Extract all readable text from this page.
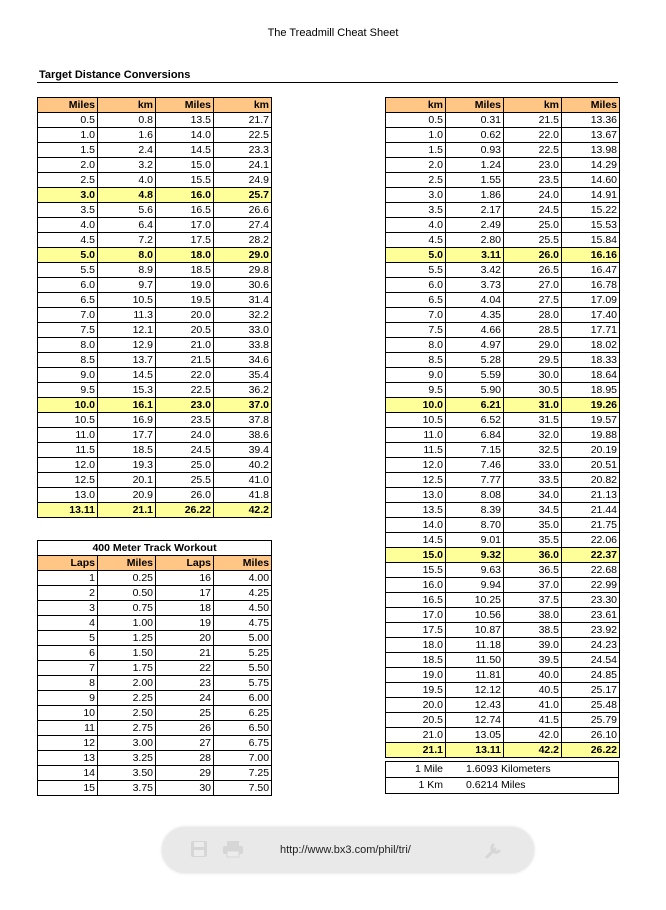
The Treadmill Cheat Sheet
Target Distance Conversions
Miles	km	Miles	km
0.5	0.8	13.5	21.7
1.0	1.6	14.0	22.5
1.5	2.4	14.5	23.3
2.0	3.2	15.0	24.1
2.5	4.0	15.5	24.9
3.0	4.8	16.0	25.7
3.5	5.6	16.5	26.6
4.0	6.4	17.0	27.4
4.5	7.2	17.5	28.2
5.0	8.0	18.0	29.0
5.5	8.9	18.5	29.8
6.0	9.7	19.0	30.6
6.5	10.5	19.5	31.4
7.0	11.3	20.0	32.2
7.5	12.1	20.5	33.0
8.0	12.9	21.0	33.8
8.5	13.7	21.5	34.6
9.0	14.5	22.0	35.4
9.5	15.3	22.5	36.2
10.0	16.1	23.0	37.0
10.5	16.9	23.5	37.8
11.0	17.7	24.0	38.6
11.5	18.5	24.5	39.4
12.0	19.3	25.0	40.2
12.5	20.1	25.5	41.0
13.0	20.9	26.0	41.8
13.11	21.1	26.22	42.2
km	Miles	km	Miles
0.5	0.31	21.5	13.36
1.0	0.62	22.0	13.67
1.5	0.93	22.5	13.98
2.0	1.24	23.0	14.29
2.5	1.55	23.5	14.60
3.0	1.86	24.0	14.91
3.5	2.17	24.5	15.22
4.0	2.49	25.0	15.53
4.5	2.80	25.5	15.84
5.0	3.11	26.0	16.16
5.5	3.42	26.5	16.47
6.0	3.73	27.0	16.78
6.5	4.04	27.5	17.09
7.0	4.35	28.0	17.40
7.5	4.66	28.5	17.71
8.0	4.97	29.0	18.02
8.5	5.28	29.5	18.33
9.0	5.59	30.0	18.64
9.5	5.90	30.5	18.95
10.0	6.21	31.0	19.26
10.5	6.52	31.5	19.57
11.0	6.84	32.0	19.88
11.5	7.15	32.5	20.19
12.0	7.46	33.0	20.51
12.5	7.77	33.5	20.82
13.0	8.08	34.0	21.13
13.5	8.39	34.5	21.44
14.0	8.70	35.0	21.75
14.5	9.01	35.5	22.06
15.0	9.32	36.0	22.37
15.5	9.63	36.5	22.68
16.0	9.94	37.0	22.99
16.5	10.25	37.5	23.30
17.0	10.56	38.0	23.61
17.5	10.87	38.5	23.92
18.0	11.18	39.0	24.23
18.5	11.50	39.5	24.54
19.0	11.81	40.0	24.85
19.5	12.12	40.5	25.17
20.0	12.43	41.0	25.48
20.5	12.74	41.5	25.79
21.0	13.05	42.0	26.10
21.1	13.11	42.2	26.22
400 Meter Track Workout			
Laps	Miles	Laps	Miles
1	0.25	16	4.00
2	0.50	17	4.25
3	0.75	18	4.50
4	1.00	19	4.75
5	1.25	20	5.00
6	1.50	21	5.25
7	1.75	22	5.50
8	2.00	23	5.75
9	2.25	24	6.00
10	2.50	25	6.25
11	2.75	26	6.50
12	3.00	27	6.75
13	3.25	28	7.00
14	3.50	29	7.25
15	3.75	30	7.50
1 Mile 1.6093 Kilometers
1 Km 0.6214 Miles
http://www.bx3.com/phil/tri/
